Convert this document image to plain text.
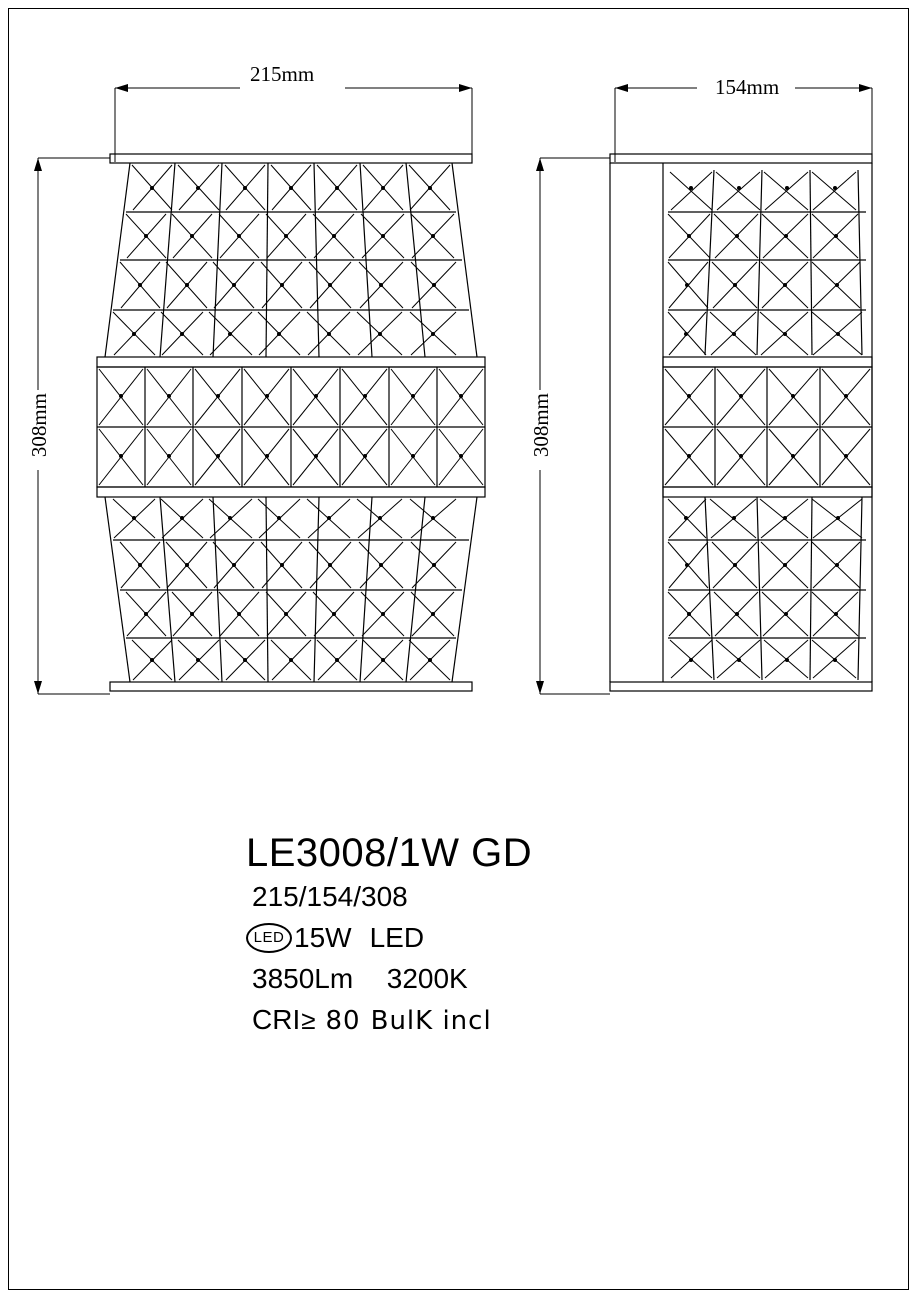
215mm
154mm
308mm	308mm
LE3008/1W GD
215/154/308
LED 15W LED
3850Lm 3200K
CRI ≥ 80 BulK incl
